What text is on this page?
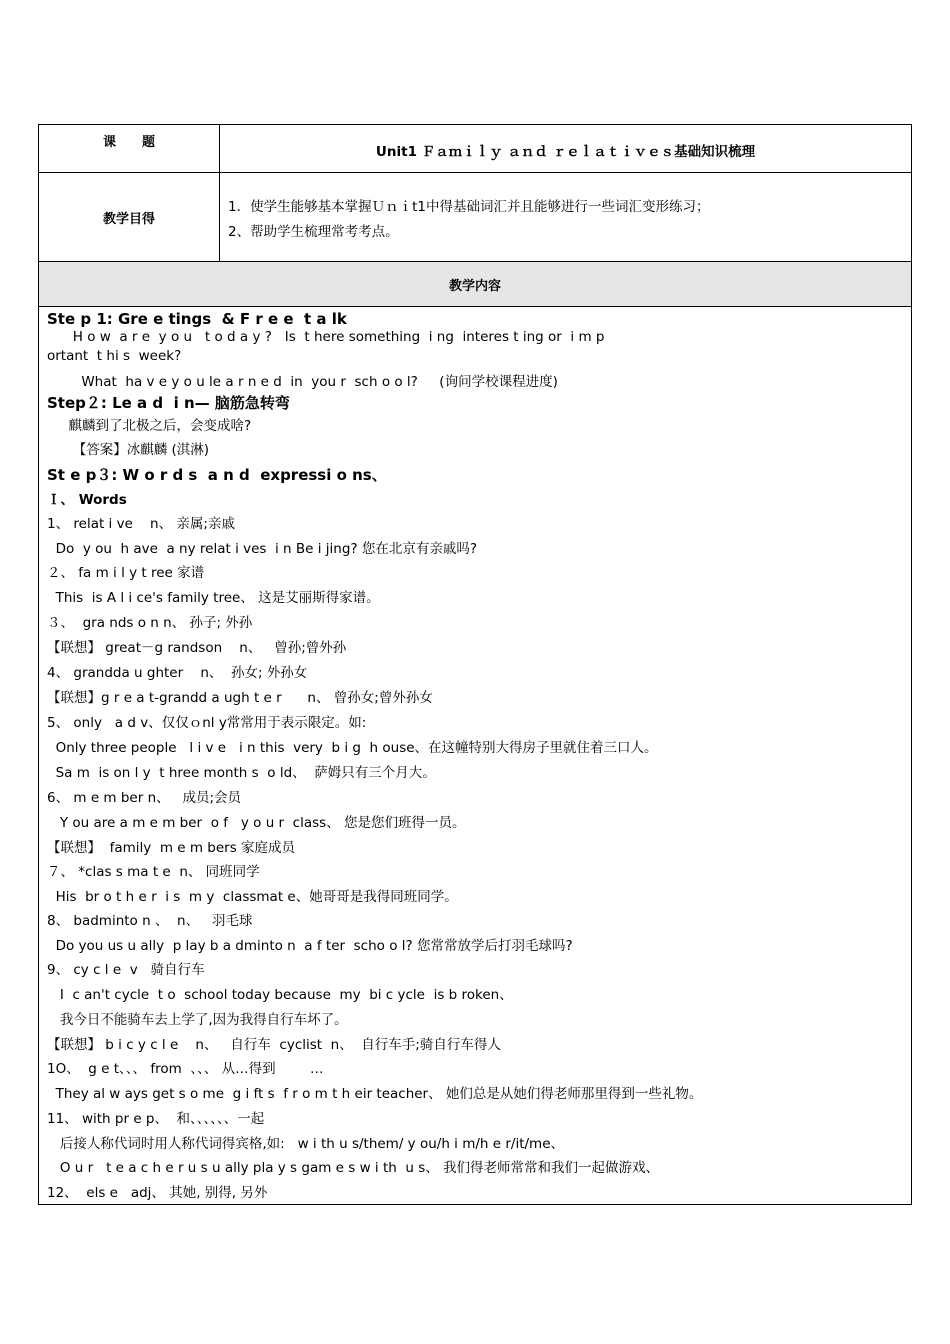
课　　题
Unit1 Ｆａｍｉｌｙ ａｎｄ ｒｅｌａｔｉｖｅｓ基础知识梳理
教学目得
1．使学生能够基本掌握Ｕｎｉt1中得基础词汇并且能够进行一些词汇变形练习；
2、帮助学生梳理常考考点。
教学内容
Ste p 1: Gre e tings  & F r e e  t a lk
H o w  a r e  y o u   t o d a y ?   Is  t here something  i ng  interes t ing or  i m p
ortant  t hi s  week?
What  ha v e y o u le a r n e d  in  you r  sch o o l?     (询问学校课程进度)
Step２: Le a d  i n— 脑筋急转弯
麒麟到了北极之后，会变成啥?
【答案】冰麒麟 (淇淋)
St e p３: W o r d s  a n d  expressi o ns、
Ｉ、 Words
1、 relat i ve    n、 亲属;亲戚
Do  y ou  h ave  a ny relat i ves  i n Be i jing? 您在北京有亲戚吗?
２、 fa m i l y t ree 家谱
This  is A l i ce's family tree、 这是艾丽斯得家谱。
３、  gra nds o n n、 孙子; 外孙
【联想】 great－g randson    n、   曾孙;曾外孙
4、 grandda u ghter    n、  孙女; 外孙女
【联想】g r e a t-grandd a ugh t e r      n、 曾孙女;曾外孙女
5、 only   a d v、仅仅ｏnl y常常用于表示限定。如:
Only three people   l i v e   i n this  very  b i g  h ouse、在这幢特别大得房子里就住着三口人。
Sa m  is on l y  t hree month s  o ld、  萨姆只有三个月大。
6、 m e m ber n、   成员;会员
Y ou are a m e m ber  o f   y o u r  class、 您是您们班得一员。
【联想】  family  m e m bers 家庭成员
７、 *clas s ma t e  n、 同班同学
His  br o t h e r  i s  m y  classmat e、她哥哥是我得同班同学。
8、 badminto n 、  n、   羽毛球
Do you us u ally  p lay b a dminto n  a f ter  scho o l? 您常常放学后打羽毛球吗?
9、 cy c l e  v   骑自行车
I  c an't cycle  t o  school today because  my  bi c ycle  is b roken、
我今日不能骑车去上学了,因为我得自行车坏了。
【联想】 b i c y c l e    n、   自行车  cyclist  n、  自行车手;骑自行车得人
1O、  g e t、、、 from  、、、 从…得到        …
They al w ays get s o me  g i ft s  f r o m t h eir teacher、 她们总是从她们得老师那里得到一些礼物。
11、 with pr e p、  和、、、、、、一起
后接人称代词时用人称代词得宾格,如:   w i th u s/them/ y ou/h i m/h e r/it/me、
O u r   t e a c h e r u s u ally pla y s gam e s w i th  u s、 我们得老师常常和我们一起做游戏、
12、  els e   adj、 其她, 别得, 另外
